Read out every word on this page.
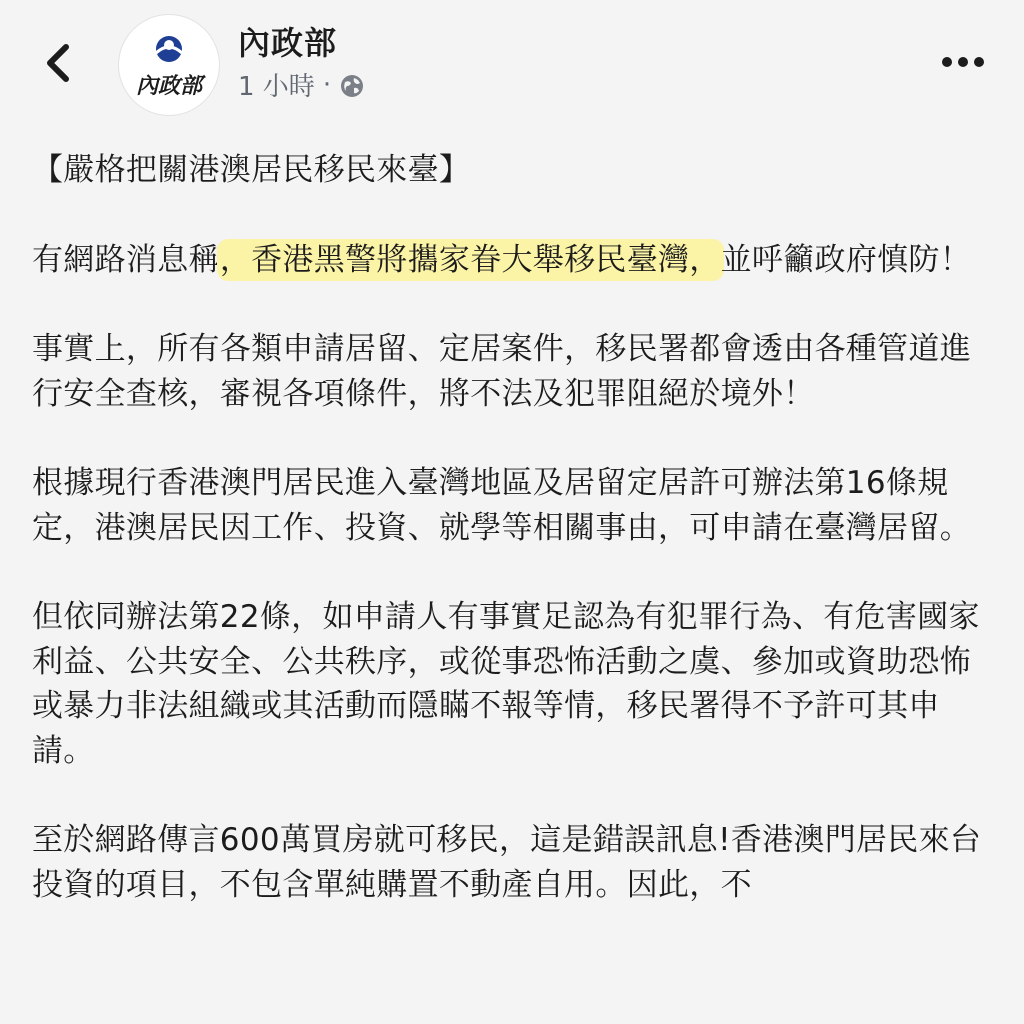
內政部
內政部
1 小時 ·

【嚴格把關港澳居民移民來臺】

有網路消息稱，香港黑警將攜家眷大舉移民臺灣，並呼籲政府慎防！

事實上，所有各類申請居留、定居案件，移民署都會透由各種管道進行安全查核，審視各項條件，將不法及犯罪阻絕於境外！

根據現行香港澳門居民進入臺灣地區及居留定居許可辦法第16條規定，港澳居民因工作、投資、就學等相關事由，可申請在臺灣居留。

但依同辦法第22條，如申請人有事實足認為有犯罪行為、有危害國家利益、公共安全、公共秩序，或從事恐怖活動之虞、參加或資助恐怖或暴力非法組織或其活動而隱瞞不報等情，移民署得不予許可其申請。

至於網路傳言600萬買房就可移民，這是錯誤訊息!香港澳門居民來台投資的項目，不包含單純購置不動產自用。因此，不
